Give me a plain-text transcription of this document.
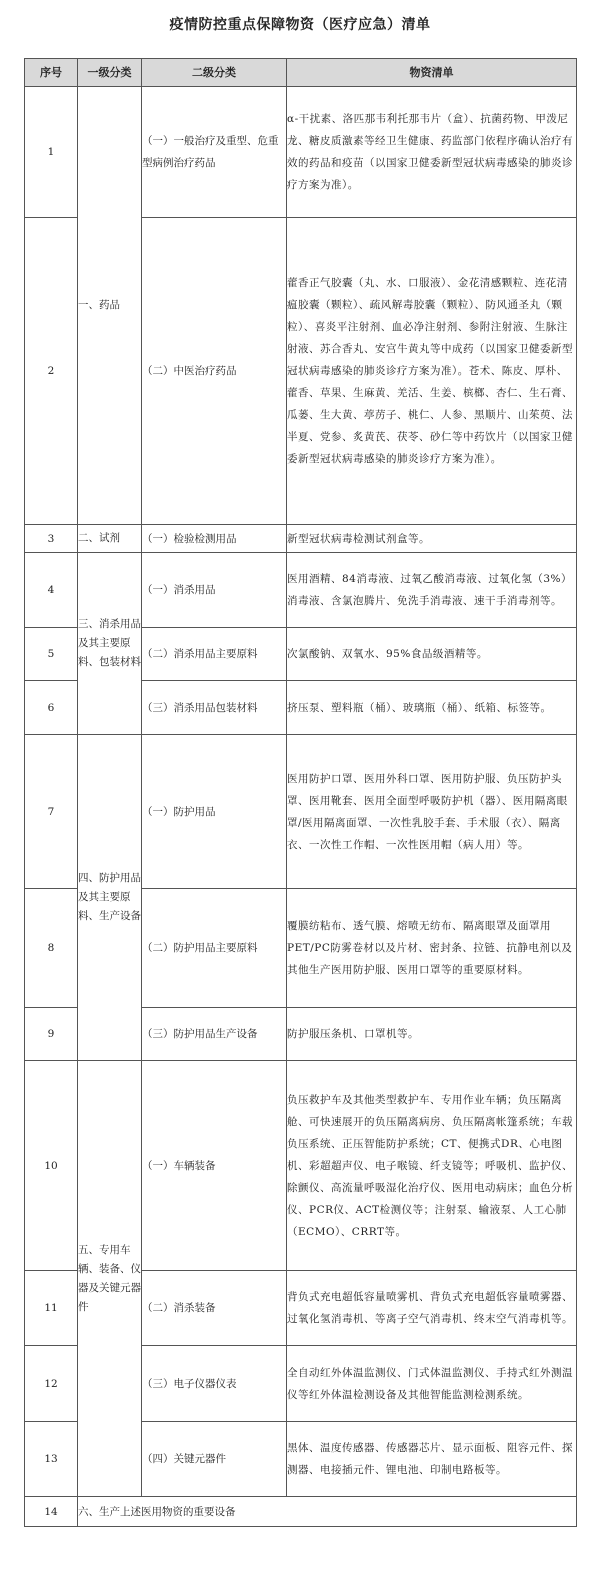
疫情防控重点保障物资（医疗应急）清单
序号	一级分类	二级分类	物资清单
1	一、药品	（一）一般治疗及重型、危重型病例治疗药品	α-干扰素、洛匹那韦利托那韦片（盒）、抗菌药物、甲泼尼龙、糖皮质激素等经卫生健康、药监部门依程序确认治疗有效的药品和疫苗（以国家卫健委新型冠状病毒感染的肺炎诊疗方案为准）。
2		（二）中医治疗药品	藿香正气胶囊（丸、水、口服液）、金花清感颗粒、连花清瘟胶囊（颗粒）、疏风解毒胶囊（颗粒）、防风通圣丸（颗粒）、喜炎平注射剂、血必净注射剂、参附注射液、生脉注射液、苏合香丸、安宫牛黄丸等中成药（以国家卫健委新型冠状病毒感染的肺炎诊疗方案为准）。苍术、陈皮、厚朴、藿香、草果、生麻黄、羌活、生姜、槟榔、杏仁、生石膏、瓜蒌、生大黄、葶苈子、桃仁、人参、黑顺片、山茱萸、法半夏、党参、炙黄芪、茯苓、砂仁等中药饮片（以国家卫健委新型冠状病毒感染的肺炎诊疗方案为准）。
3	二、试剂	（一）检验检测用品	新型冠状病毒检测试剂盒等。
4	三、消杀用品及其主要原料、包装材料	（一）消杀用品	医用酒精、84消毒液、过氧乙酸消毒液、过氧化氢（3%）消毒液、含氯泡腾片、免洗手消毒液、速干手消毒剂等。
5		（二）消杀用品主要原料	次氯酸钠、双氧水、95%食品级酒精等。
6		（三）消杀用品包装材料	挤压泵、塑料瓶（桶）、玻璃瓶（桶）、纸箱、标签等。
7	四、防护用品及其主要原料、生产设备	（一）防护用品	医用防护口罩、医用外科口罩、医用防护服、负压防护头罩、医用靴套、医用全面型呼吸防护机（器）、医用隔离眼罩/医用隔离面罩、一次性乳胶手套、手术服（衣）、隔离衣、一次性工作帽、一次性医用帽（病人用）等。
8		（二）防护用品主要原料	覆膜纺粘布、透气膜、熔喷无纺布、隔离眼罩及面罩用PET/PC防雾卷材以及片材、密封条、拉链、抗静电剂以及其他生产医用防护服、医用口罩等的重要原材料。
9		（三）防护用品生产设备	防护服压条机、口罩机等。
10	五、专用车辆、装备、仪器及关键元器件	（一）车辆装备	负压救护车及其他类型救护车、专用作业车辆；负压隔离舱、可快速展开的负压隔离病房、负压隔离帐篷系统；车载负压系统、正压智能防护系统；CT、便携式DR、心电图机、彩超超声仪、电子喉镜、纤支镜等；呼吸机、监护仪、除颤仪、高流量呼吸湿化治疗仪、医用电动病床；血色分析仪、PCR仪、ACT检测仪等；注射泵、输液泵、人工心肺（ECMO）、CRRT等。
11		（二）消杀装备	背负式充电超低容量喷雾机、背负式充电超低容量喷雾器、过氧化氢消毒机、等离子空气消毒机、终末空气消毒机等。
12		（三）电子仪器仪表	全自动红外体温监测仪、门式体温监测仪、手持式红外测温仪等红外体温检测设备及其他智能监测检测系统。
13		（四）关键元器件	黑体、温度传感器、传感器芯片、显示面板、阻容元件、探测器、电接插元件、锂电池、印制电路板等。
14	六、生产上述医用物资的重要设备		
